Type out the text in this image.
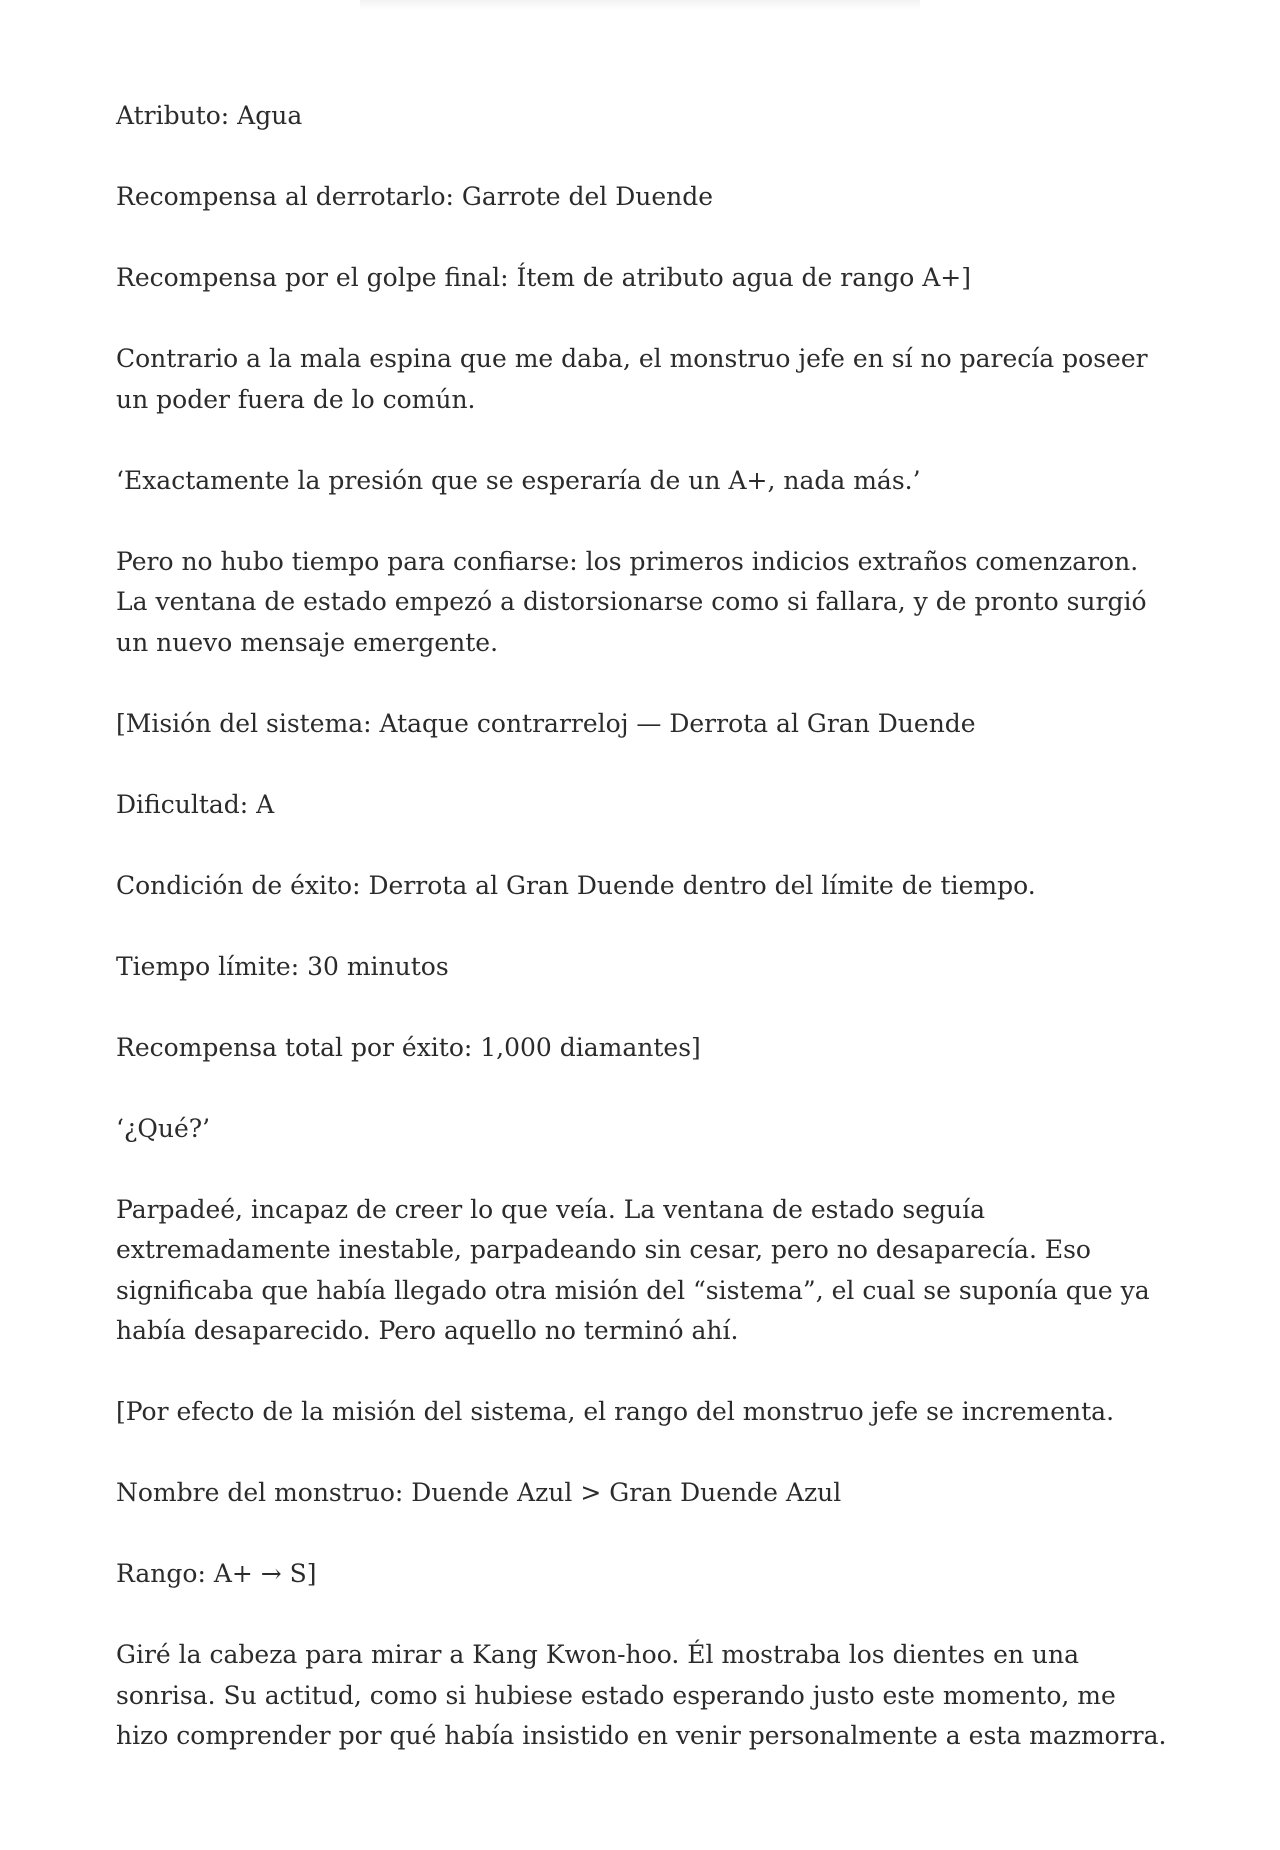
Atributo: Agua

Recompensa al derrotarlo: Garrote del Duende

Recompensa por el golpe final: Ítem de atributo agua de rango A+]

Contrario a la mala espina que me daba, el monstruo jefe en sí no parecía poseer un poder fuera de lo común.

‘Exactamente la presión que se esperaría de un A+, nada más.’

Pero no hubo tiempo para confiarse: los primeros indicios extraños comenzaron. La ventana de estado empezó a distorsionarse como si fallara, y de pronto surgió un nuevo mensaje emergente.

[Misión del sistema: Ataque contrarreloj — Derrota al Gran Duende

Dificultad: A

Condición de éxito: Derrota al Gran Duende dentro del límite de tiempo.

Tiempo límite: 30 minutos

Recompensa total por éxito: 1,000 diamantes]

‘¿Qué?’

Parpadeé, incapaz de creer lo que veía. La ventana de estado seguía extremadamente inestable, parpadeando sin cesar, pero no desaparecía. Eso significaba que había llegado otra misión del “sistema”, el cual se suponía que ya había desaparecido. Pero aquello no terminó ahí.

[Por efecto de la misión del sistema, el rango del monstruo jefe se incrementa.

Nombre del monstruo: Duende Azul > Gran Duende Azul

Rango: A+ → S]

Giré la cabeza para mirar a Kang Kwon-hoo. Él mostraba los dientes en una sonrisa. Su actitud, como si hubiese estado esperando justo este momento, me hizo comprender por qué había insistido en venir personalmente a esta mazmorra.
